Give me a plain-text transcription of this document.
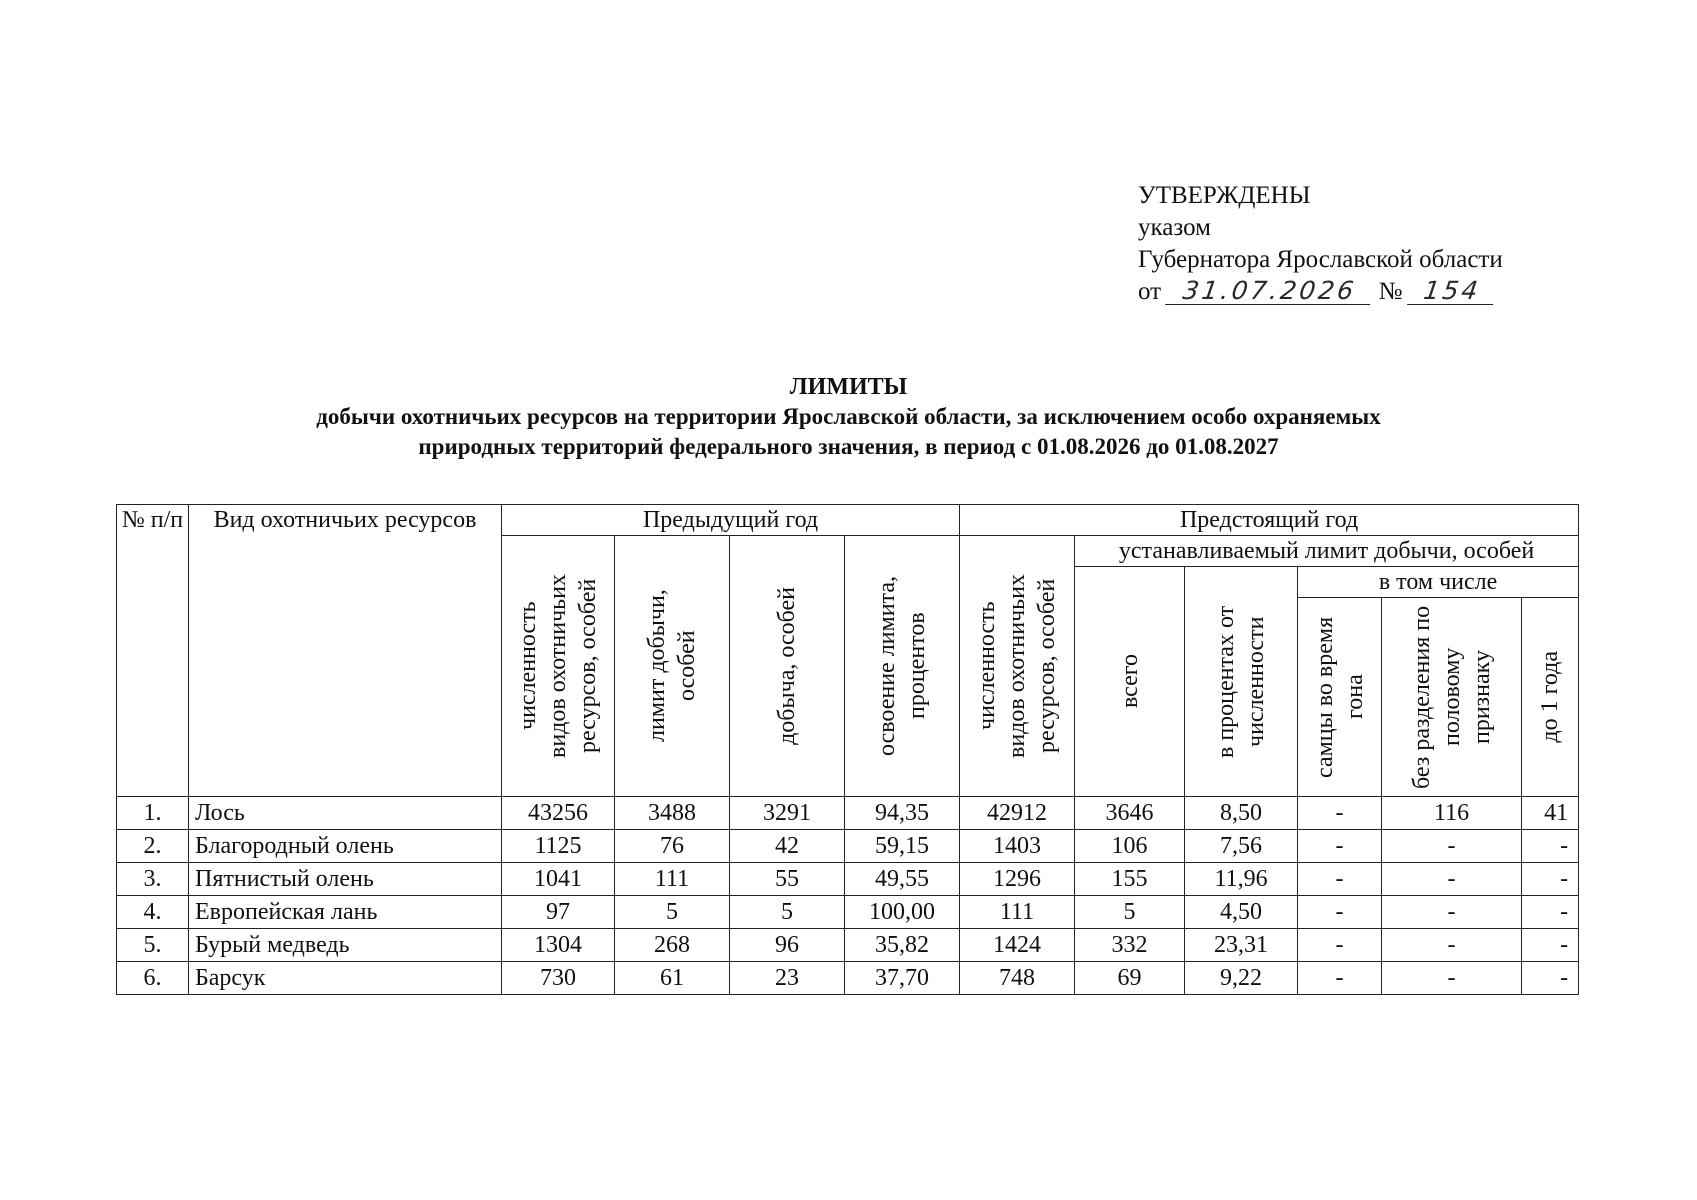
УТВЕРЖДЕНЫ
указом
Губернатора Ярославской области
от 31.07.2026 № 154
ЛИМИТЫ
добычи охотничьих ресурсов на территории Ярославской области, за исключением особо охраняемых
природных территорий федерального значения, в период с 01.08.2026 до 01.08.2027
№ п/п	Вид охотничьих ресурсов	Предыдущий год				Предстоящий год					

		численность видов охотничьих ресурсов, особей	лимит добычи, особей	добыча, особей	освоение лимита, процентов	численность видов охотничьих ресурсов, особей	устанавливаемый лимит добычи, особей				

							всего	в процентах от численности	в том числе		

									самцы во время гона	без разделения по половому признаку	до 1 года

1.	Лось	43256	3488	3291	94,35	42912	3646	8,50	-	116	41
2.	Благородный олень	1125	76	42	59,15	1403	106	7,56	-	-	-
3.	Пятнистый олень	1041	111	55	49,55	1296	155	11,96	-	-	-
4.	Европейская лань	97	5	5	100,00	111	5	4,50	-	-	-
5.	Бурый медведь	1304	268	96	35,82	1424	332	23,31	-	-	-
6.	Барсук	730	61	23	37,70	748	69	9,22	-	-	-
